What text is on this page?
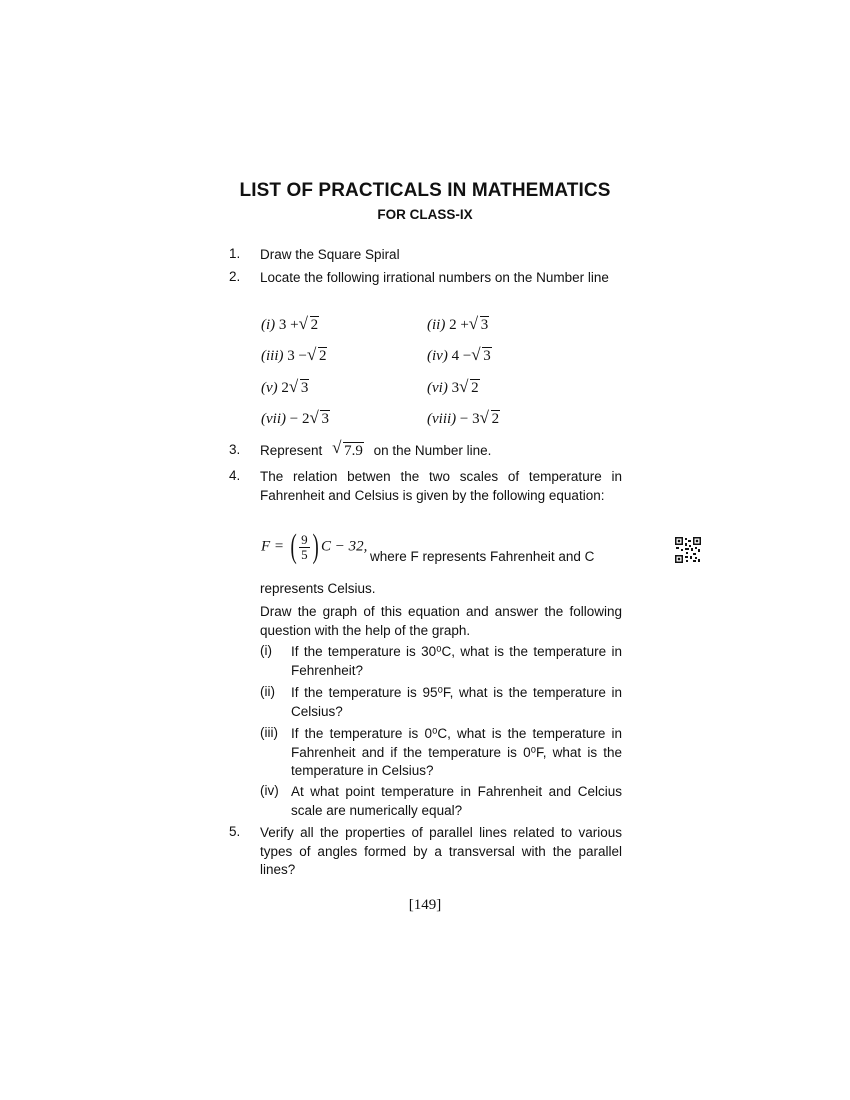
LIST OF PRACTICALS IN MATHEMATICS
FOR CLASS-IX
1. Draw the Square Spiral
2. Locate the following irrational numbers on the Number line
(i) 3 + √ 2	(ii) 2 + √ 3
(iii) 3 − √ 2	(iv) 4 − √ 3
(v) 2 √ 3	(vi) 3 √ 2
(vii) − 2 √ 3	(viii) − 3 √ 2
3. Represent √ 7.9 on the Number line.
4. The relation betwen the two scales of temperature in Fahrenheit and Celsius is given by the following equation:
F = ( $\frac{9}{5}$ ) C − 32,
where F represents Fahrenheit and C
represents Celsius.
Draw the graph of this equation and answer the following question with the help of the graph.
(i) If the temperature is 30⁰C, what is the temperature in Fehrenheit?
(ii) If the temperature is 95⁰F, what is the temperature in Celsius?
(iii) If the temperature is 0⁰C, what is the temperature in Fahrenheit and if the temperature is 0⁰F, what is the temperature in Celsius?
(iv) At what point temperature in Fahrenheit and Celcius scale are numerically equal?
5. Verify all the properties of parallel lines related to various types of angles formed by a transversal with the parallel lines?
[149]
